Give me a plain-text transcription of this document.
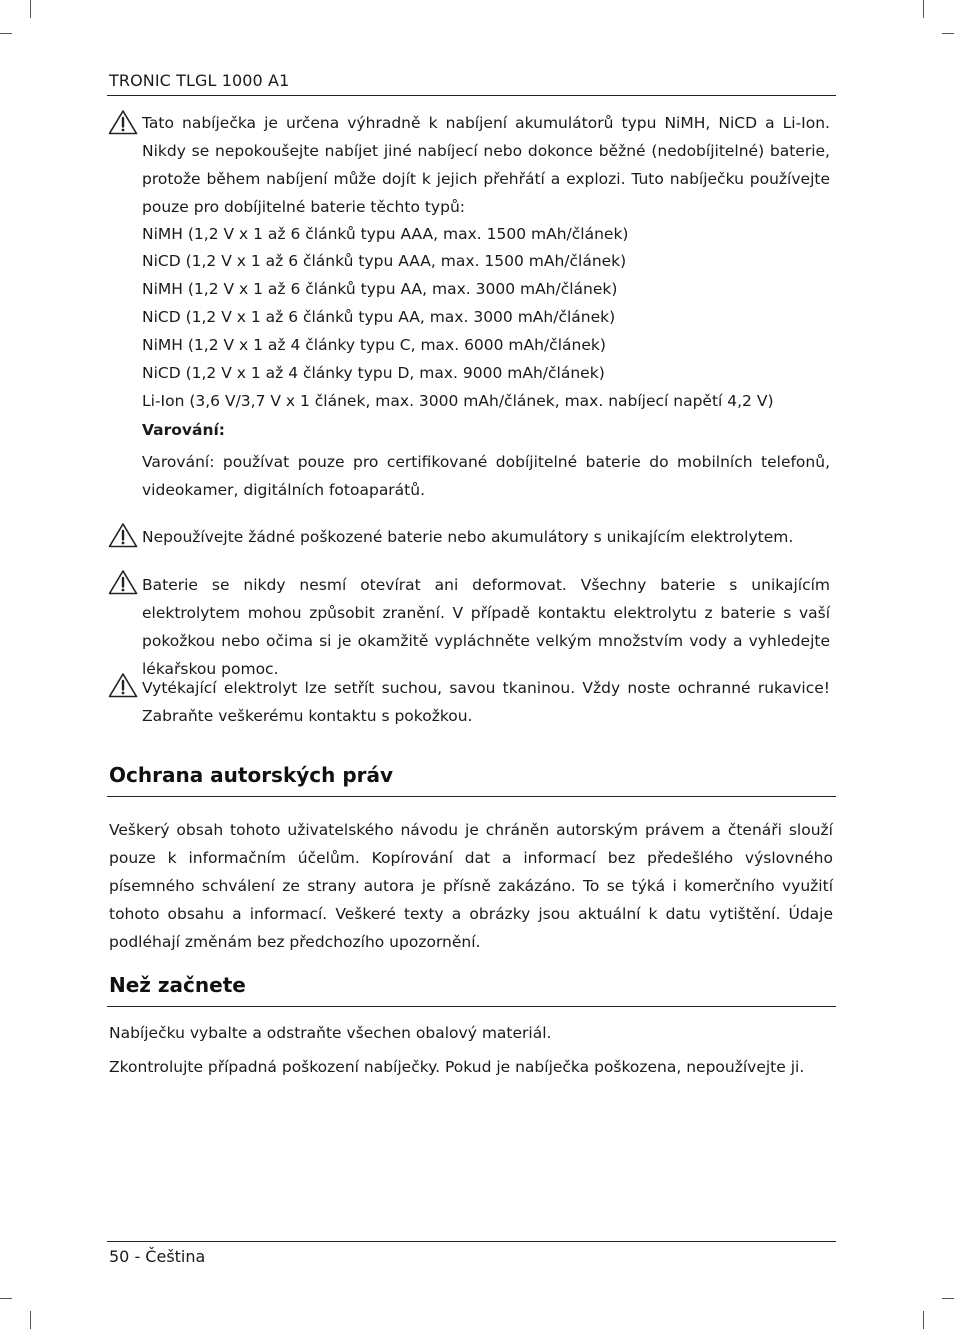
TRONIC TLGL 1000 A1
Tato nabíječka je určena výhradně k nabíjení akumulátorů typu NiMH, NiCD a Li-Ion. Nikdy se nepokoušejte nabíjet jiné nabíjecí nebo dokonce běžné (nedobíjitelné) baterie, protože během nabíjení může dojít k jejich přehřátí a explozi. Tuto nabíječku používejte pouze pro dobíjitelné baterie těchto typů:
NiMH (1,2 V x 1 až 6 článků typu AAA, max. 1500 mAh/článek)
NiCD (1,2 V x 1 až 6 článků typu AAA, max. 1500 mAh/článek)
NiMH (1,2 V x 1 až 6 článků typu AA, max. 3000 mAh/článek)
NiCD (1,2 V x 1 až 6 článků typu AA, max. 3000 mAh/článek)
NiMH (1,2 V x 1 až 4 články typu C, max. 6000 mAh/článek)
NiCD (1,2 V x 1 až 4 články typu D, max. 9000 mAh/článek)
Li-Ion (3,6 V/3,7 V x 1 článek, max. 3000 mAh/článek, max. nabíjecí napětí 4,2 V)
Varování:
Varování: používat pouze pro certifikované dobíjitelné baterie do mobilních telefonů, videokamer, digitálních fotoaparátů.
Nepoužívejte žádné poškozené baterie nebo akumulátory s unikajícím elektrolytem.
Baterie se nikdy nesmí otevírat ani deformovat. Všechny baterie s unikajícím elektrolytem mohou způsobit zranění. V případě kontaktu elektrolytu z baterie s vaší pokožkou nebo očima si je okamžitě vypláchněte velkým množstvím vody a vyhledejte lékařskou pomoc.
Vytékající elektrolyt lze setřít suchou, savou tkaninou. Vždy noste ochranné rukavice! Zabraňte veškerému kontaktu s pokožkou.
Ochrana autorských práv
Veškerý obsah tohoto uživatelského návodu je chráněn autorským právem a čtenáři slouží pouze k informačním účelům. Kopírování dat a informací bez předešlého výslovného písemného schválení ze strany autora je přísně zakázáno. To se týká i komerčního využití tohoto obsahu a informací. Veškeré texty a obrázky jsou aktuální k datu vytištění. Údaje podléhají změnám bez předchozího upozornění.
Než začnete
Nabíječku vybalte a odstraňte všechen obalový materiál.
Zkontrolujte případná poškození nabíječky. Pokud je nabíječka poškozena, nepoužívejte ji.
50 - Čeština
